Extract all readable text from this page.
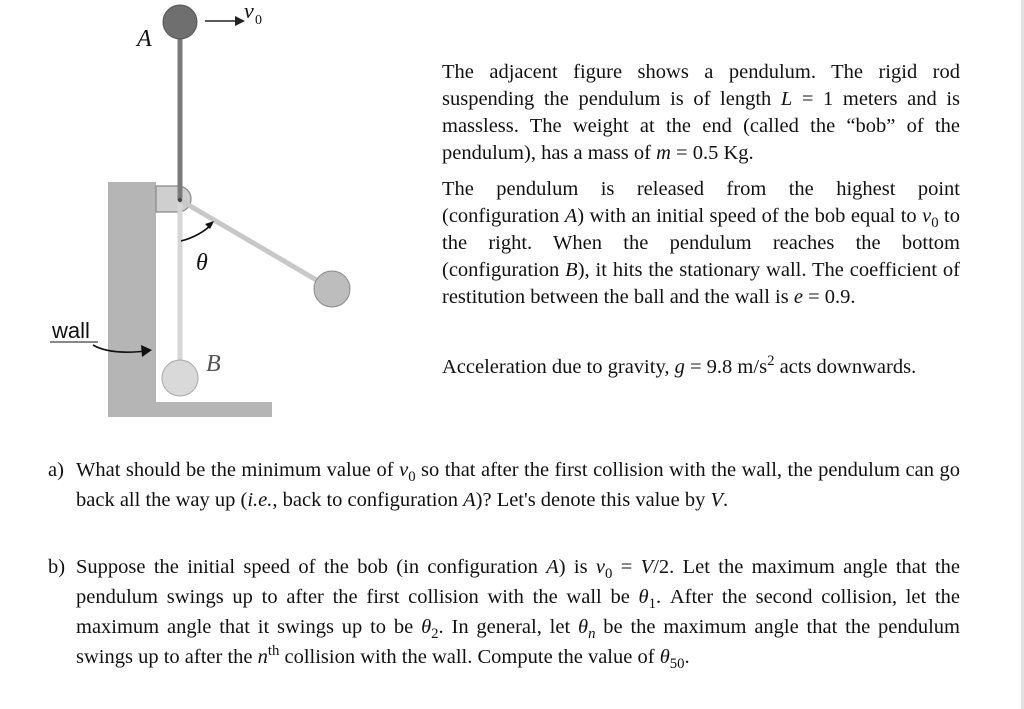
A
v 0
θ
B
wall

The adjacent figure shows a pendulum. The rigid rod suspending the pendulum is of length L = 1 meters and is massless. The weight at the end (called the “bob” of the pendulum), has a mass of m = 0.5 Kg.

The pendulum is released from the highest point (configuration A) with an initial speed of the bob equal to $v_0$ to the right. When the pendulum reaches the bottom (configuration B), it hits the stationary wall. The coefficient of restitution between the ball and the wall is e = 0.9.

Acceleration due to gravity, g = 9.8 $m/s^2$ acts downwards.

a) What should be the minimum value of $v_0$ so that after the first collision with the wall, the pendulum can go back all the way up (i.e., back to configuration A)? Let's denote this value by V.
b) Suppose the initial speed of the bob (in configuration A) is $v_0 = V/2$. Let the maximum angle that the pendulum swings up to after the first collision with the wall be $\theta_1$. After the second collision, let the maximum angle that it swings up to be $\theta_2$. In general, let $\theta_n$ be the maximum angle that the pendulum swings up to after the $n^{th}$ collision with the wall. Compute the value of $\theta_{50}$.
